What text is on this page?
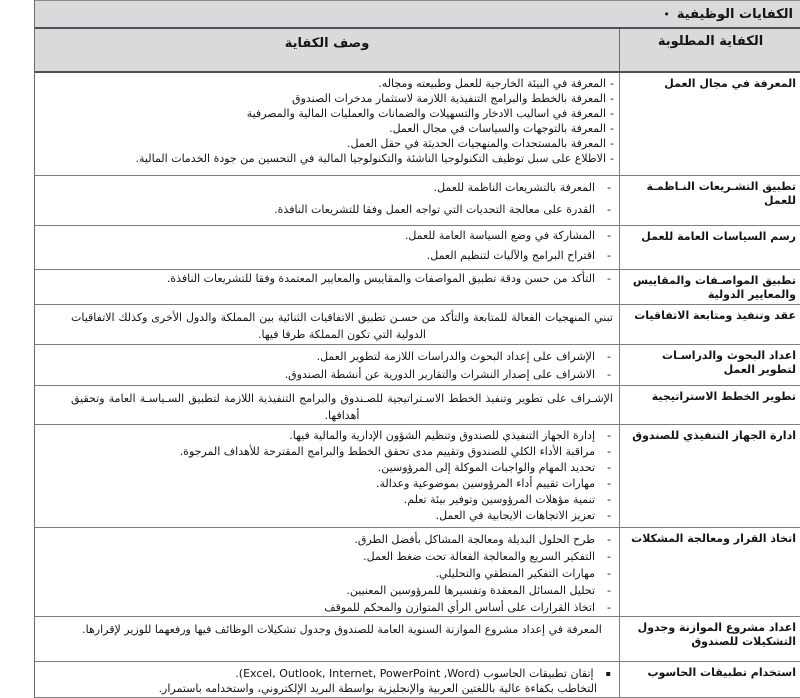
الكفايات الوظيفية
•
الكفاية المطلوبة
وصف الكفاية
المعرفة في مجال العمل
-
المعرفة في البيئة الخارجية للعمل وطبيعته ومجاله.
-
المعرفة بالخطط والبرامج التنفيذية اللازمة لاستثمار مدخرات الصندوق
-
المعرفة في اساليب الادخار والتسهيلات والضمانات والعمليات المالية والمصرفية
-
المعرفة بالتوجهات والسياسات في مجال العمل.
-
المعرفة بالمستجدات والمنهجيات الحديثة في حقل العمل.
-
الاطلاع على سبل توظيف التكنولوجيا الناشئة والتكنولوجيا المالية في التحسين من جودة الخدمات المالية.
تطبيق التشـريعات النـاظمـة للعمل
-
المعرفة بالتشريعات الناظمة للعمل.
-
القدرة على معالجة التحديات التي تواجه العمل وفقا للتشريعات النافذة.
رسم السياسات العامة للعمل
-
المشاركة في وضع السياسة العامة للعمل.
-
اقتراح البرامج والآليات لتنظيم العمل.
تطبيق المواصـفات والمقاييس والمعايير الدولية
-
التأكد من حسن ودقة تطبيق المواصفات والمقاييس والمعايير المعتمدة وفقا للتشريعات النافذة.
عقد وتنفيذ ومتابعة الاتفاقيات
تبني المنهجيات الفعالة للمتابعة والتأكد من حسـن تطبيق الاتفاقيات الثنائية بين المملكة والدول الأخرى وكذلك الاتفاقيات الدولية التي تكون المملكة طرفا فيها.
اعداد البحوث والدراسـات لتطوير العمل
-
الإشراف على إعداد البحوث والدراسات اللازمة لتطوير العمل.
-
الاشراف على إصدار النشرات والتقارير الدورية عن أنشطة الصندوق.
تطوير الخطط الاستراتيجية
الإشـراف على تطوير وتنفيذ الخطط الاسـتراتيجية للصـندوق والبرامج التنفيذية اللازمة لتطبيق السـياسـة العامة وتحقيق أهدافها.
ادارة الجهاز التنفيذي للصندوق
-
إدارة الجهاز التنفيذي للصندوق وتنظيم الشؤون الإدارية والمالية فيها.
-
مراقبة الأداء الكلي للصندوق وتقييم مدى تحقق الخطط والبرامج المقترحة للأهداف المرجوة.
-
تحديد المهام والواجبات الموكلة إلى المرؤوسين.
-
مهارات تقييم أداء المرؤوسين بموضوعية وعدالة.
-
تنمية مؤهلات المرؤوسين وتوفير بيئة تعلم.
-
تعزيز الاتجاهات الايجابية في العمل.
اتخاذ القرار ومعالجة المشكلات
-
طرح الحلول البديلة ومعالجة المشاكل بأفضل الطرق.
-
التفكير السريع والمعالجة الفعالة تحت ضغط العمل.
-
مهارات التفكير المنطقي والتحليلي.
-
تحليل المسائل المعقدة وتفسيرها للمرؤوسين المعنيين.
-
اتخاذ القرارات على أساس الرأي المتوازن والمحكم للموقف
اعداد مشروع الموازنة وجدول التشكيلات للصندوق
المعرفة في إعداد مشروع الموازنة السنوية العامة للصندوق وجدول تشكيلات الوظائف فيها ورفعهما للوزير لإقرارها.
استخدام تطبيقات الحاسوب
▪
إتقان تطبيقات الحاسوب (Excel, Outlook, Internet, PowerPoint ,Word).
التخاطب بكفاءة عالية باللغتين العربية والإنجليزية بواسطة البريد الإلكتروني، واستخدامه باستمرار.
